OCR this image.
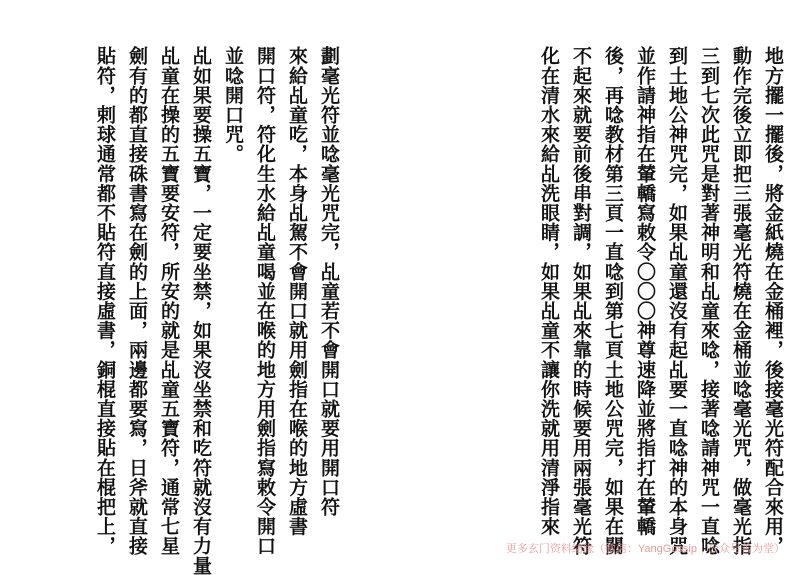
地方擺一擺後，將金紙燒在金桶裡，後接毫光符配合來用，
動作完後立即把三張毫光符燒在金桶並唸毫光咒，做毫光指
三到七次此咒是對著神明和乩童來唸，接著唸請神咒一直唸
到土地公神咒完，如果乩童還沒有起乩要一直唸神的本身咒
並作請神指在輦轎寫敕令〇〇〇神尊速降並將指打在輦轎
後，再唸教材第三頁一直唸到第七頁土地公咒完，如果在關
不起來就要前後串對調，如果乩來靠的時候要用兩張毫光符
化在清水來給乩洗眼睛，如果乩童不讓你洗就用清淨指來
劃毫光符並唸毫光咒完，乩童若不會開口就要用開口符
來給乩童吃，本身乩駕不會開口就用劍指在喉的地方虛書
開口符，符化生水給乩童喝並在喉的地方用劍指寫敕令開口
並唸開口咒。
乩如果要操五寶，一定要坐禁，如果沒坐禁和吃符就沒有力量
乩童在操的五寶要安符，所安的就是乩童五寶符，通常七星
劍有的都直接硃書寫在劍的上面，兩邊都要寫，日斧就直接
貼符，剌球通常都不貼符直接虛書，銅棍直接貼在棍把上，	更多玄门资料结缘（微信：YangGossip｜公众号善为堂）
